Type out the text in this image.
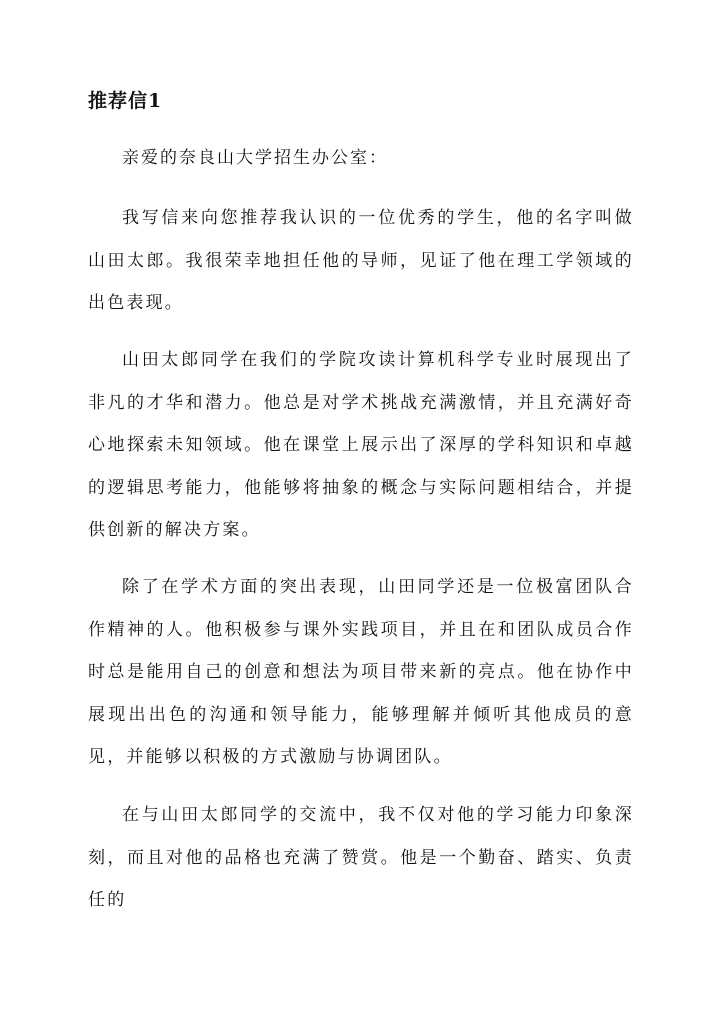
推荐信1
亲爱的奈良山大学招生办公室：

我写信来向您推荐我认识的一位优秀的学生，他的名字叫做山田太郎。我很荣幸地担任他的导师，见证了他在理工学领域的出色表现。

山田太郎同学在我们的学院攻读计算机科学专业时展现出了非凡的才华和潜力。他总是对学术挑战充满激情，并且充满好奇心地探索未知领域。他在课堂上展示出了深厚的学科知识和卓越的逻辑思考能力，他能够将抽象的概念与实际问题相结合，并提供创新的解决方案。

除了在学术方面的突出表现，山田同学还是一位极富团队合作精神的人。他积极参与课外实践项目，并且在和团队成员合作时总是能用自己的创意和想法为项目带来新的亮点。他在协作中展现出出色的沟通和领导能力，能够理解并倾听其他成员的意见，并能够以积极的方式激励与协调团队。

在与山田太郎同学的交流中，我不仅对他的学习能力印象深刻，而且对他的品格也充满了赞赏。他是一个勤奋、踏实、负责任的
